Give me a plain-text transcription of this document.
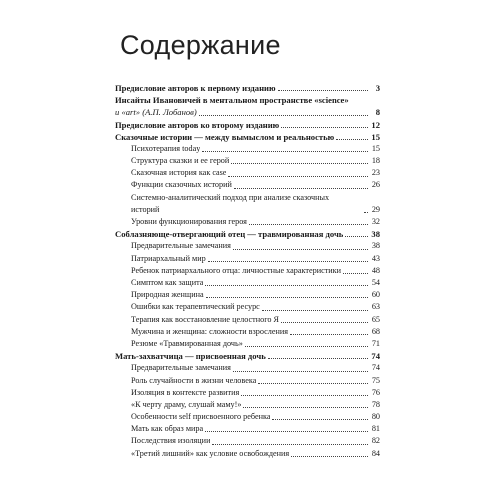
Содержание
Предисловие авторов к первому изданию	3
Инсайты Ивановичей в ментальном пространстве «science»
и «art» (А.П. Лобанов)	8
Предисловие авторов ко второму изданию	12
Сказочные истории — между вымыслом и реальностью	15
Психотерапия today	15
Структура сказки и ее герой	18
Сказочная история как case	23
Функции сказочных историй	26
Системно-аналитический подход при анализе сказочных историй	29
Уровни функционирования героя	32
Соблазняюще-отвергающий отец — травмированная дочь	38
Предварительные замечания	38
Патриархальный мир	43
Ребенок патриархального отца: личностные характеристики	48
Симптом как защита	54
Природная женщина	60
Ошибки как терапевтический ресурс	63
Терапия как восстановление целостного Я	65
Мужчина и женщина: сложности взросления	68
Резюме «Травмированная дочь»	71
Мать-захватчица — присвоенная дочь	74
Предварительные замечания	74
Роль случайности в жизни человека	75
Изоляция в контексте развития	76
«К черту драму, слушай маму!»	78
Особенности self присвоенного ребенка	80
Мать как образ мира	81
Последствия изоляции	82
«Третий лишний» как условие освобождения	84
